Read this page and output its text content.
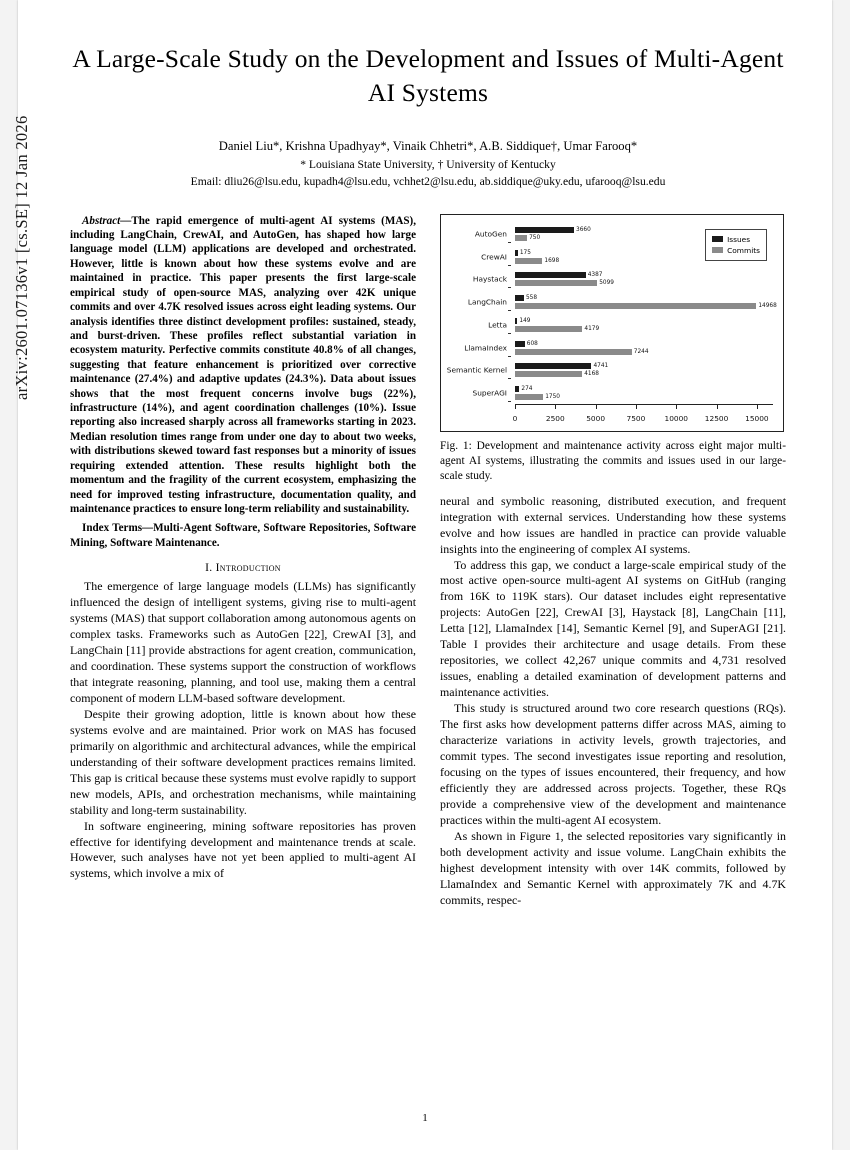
arXiv:2601.07136v1 [cs.SE] 12 Jan 2026
A Large-Scale Study on the Development and Issues of Multi-Agent AI Systems
Daniel Liu*, Krishna Upadhyay*, Vinaik Chhetri*, A.B. Siddique†, Umar Farooq*
* Louisiana State University, † University of Kentucky
Email: dliu26@lsu.edu, kupadh4@lsu.edu, vchhet2@lsu.edu, ab.siddique@uky.edu, ufarooq@lsu.edu
Abstract—The rapid emergence of multi-agent AI systems (MAS), including LangChain, CrewAI, and AutoGen, has shaped how large language model (LLM) applications are developed and orchestrated. However, little is known about how these systems evolve and are maintained in practice. This paper presents the first large-scale empirical study of open-source MAS, analyzing over 42K unique commits and over 4.7K resolved issues across eight leading systems. Our analysis identifies three distinct development profiles: sustained, steady, and burst-driven. These profiles reflect substantial variation in ecosystem maturity. Perfective commits constitute 40.8% of all changes, suggesting that feature enhancement is prioritized over corrective maintenance (27.4%) and adaptive updates (24.3%). Data about issues shows that the most frequent concerns involve bugs (22%), infrastructure (14%), and agent coordination challenges (10%). Issue reporting also increased sharply across all frameworks starting in 2023. Median resolution times range from under one day to about two weeks, with distributions skewed toward fast responses but a minority of issues requiring extended attention. These results highlight both the momentum and the fragility of the current ecosystem, emphasizing the need for improved testing infrastructure, documentation quality, and maintenance practices to ensure long-term reliability and sustainability.
Index Terms—Multi-Agent Software, Software Repositories, Software Mining, Software Maintenance.
I. Introduction

The emergence of large language models (LLMs) has significantly influenced the design of intelligent systems, giving rise to multi-agent systems (MAS) that support collaboration among autonomous agents on complex tasks. Frameworks such as AutoGen [22], CrewAI [3], and LangChain [11] provide abstractions for agent creation, communication, and coordination. These systems support the construction of workflows that integrate reasoning, planning, and tool use, making them a central component of modern LLM-based software development.

Despite their growing adoption, little is known about how these systems evolve and are maintained. Prior work on MAS has focused primarily on algorithmic and architectural advances, while the empirical understanding of their software development practices remains limited. This gap is critical because these systems must evolve rapidly to support new models, APIs, and orchestration mechanisms, while maintaining stability and long-term sustainability.

In software engineering, mining software repositories has proven effective for identifying development and maintenance trends at scale. However, such analyses have not yet been applied to multi-agent AI systems, which involve a mix of

AutoGen
CrewAI
Haystack
LangChain
Letta
LlamaIndex
Semantic Kernel
SuperAGI
3660
750
175
1698
4387
5099
558
14968
149
4179
608
7244
4741
4168
274
1750
0	2500	5000	7500	10000 12500 15000
Issues
Commits
Fig. 1: Development and maintenance activity across eight major multi-agent AI systems, illustrating the commits and issues used in our large-scale study.

neural and symbolic reasoning, distributed execution, and frequent integration with external services. Understanding how these systems evolve and how issues are handled in practice can provide valuable insights into the engineering of complex AI systems.

To address this gap, we conduct a large-scale empirical study of the most active open-source multi-agent AI systems on GitHub (ranging from 16K to 119K stars). Our dataset includes eight representative projects: AutoGen [22], CrewAI [3], Haystack [8], LangChain [11], Letta [12], LlamaIndex [14], Semantic Kernel [9], and SuperAGI [21]. Table I provides their architecture and usage details. From these repositories, we collect 42,267 unique commits and 4,731 resolved issues, enabling a detailed examination of development patterns and maintenance activities.

This study is structured around two core research questions (RQs). The first asks how development patterns differ across MAS, aiming to characterize variations in activity levels, growth trajectories, and commit types. The second investigates issue reporting and resolution, focusing on the types of issues encountered, their frequency, and how efficiently they are addressed across projects. Together, these RQs provide a comprehensive view of the development and maintenance practices within the multi-agent AI ecosystem.

As shown in Figure 1, the selected repositories vary significantly in both development activity and issue volume. LangChain exhibits the highest development intensity with over 14K commits, followed by LlamaIndex and Semantic Kernel with approximately 7K and 4.7K commits, respec-

1
